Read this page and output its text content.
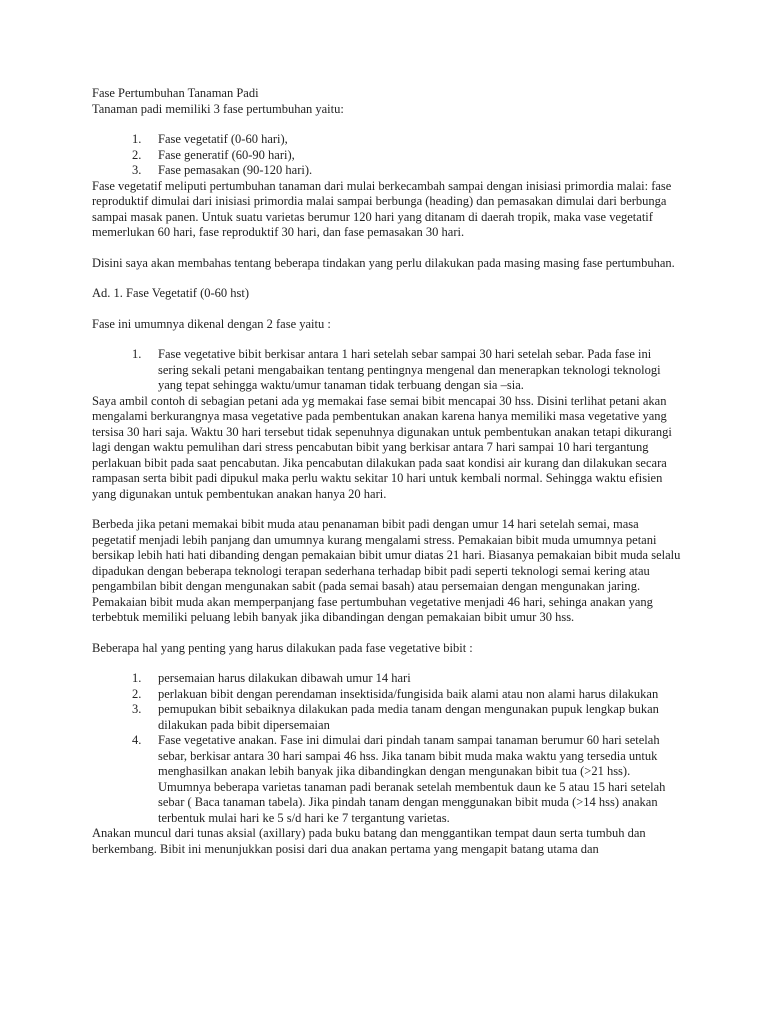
Fase Pertumbuhan Tanaman Padi

Tanaman padi memiliki 3 fase pertumbuhan yaitu:

1. Fase vegetatif (0-60 hari),
2. Fase generatif (60-90 hari),
3. Fase pemasakan (90-120 hari).

Fase vegetatif meliputi pertumbuhan tanaman dari mulai berkecambah sampai dengan inisiasi primordia malai: fase reproduktif dimulai dari inisiasi primordia malai sampai berbunga (heading) dan pemasakan dimulai dari berbunga sampai masak panen. Untuk suatu varietas berumur 120 hari yang ditanam di daerah tropik, maka vase vegetatif memerlukan 60 hari, fase reproduktif 30 hari, dan fase pemasakan 30 hari.

Disini saya akan membahas tentang beberapa tindakan yang perlu dilakukan pada masing masing fase pertumbuhan.

Ad. 1. Fase Vegetatif (0-60 hst)

Fase ini umumnya dikenal dengan 2 fase yaitu :

1. Fase vegetative bibit berkisar antara 1 hari setelah sebar sampai 30 hari setelah sebar. Pada fase ini sering sekali petani mengabaikan tentang pentingnya mengenal dan menerapkan teknologi teknologi yang tepat sehingga waktu/umur tanaman tidak terbuang dengan sia –sia.

Saya ambil contoh di sebagian petani ada yg memakai fase semai bibit mencapai 30 hss. Disini terlihat petani akan mengalami berkurangnya masa vegetative pada pembentukan anakan karena hanya memiliki masa vegetative yang tersisa 30 hari saja. Waktu 30 hari tersebut tidak sepenuhnya digunakan untuk pembentukan anakan tetapi dikurangi lagi dengan waktu pemulihan dari stress pencabutan bibit yang berkisar antara 7 hari sampai 10 hari tergantung perlakuan bibit pada saat pencabutan. Jika pencabutan dilakukan pada saat kondisi air kurang dan dilakukan secara rampasan serta bibit padi dipukul maka perlu waktu sekitar 10 hari untuk kembali normal. Sehingga waktu efisien yang digunakan untuk pembentukan anakan hanya 20 hari.

Berbeda jika petani memakai bibit muda atau penanaman bibit padi dengan umur 14 hari setelah semai, masa pegetatif menjadi lebih panjang dan umumnya kurang mengalami stress. Pemakaian bibit muda umumnya petani bersikap lebih hati hati dibanding dengan pemakaian bibit umur diatas 21 hari. Biasanya pemakaian bibit muda selalu dipadukan dengan beberapa teknologi terapan sederhana terhadap bibit padi seperti teknologi semai kering atau pengambilan bibit dengan mengunakan sabit (pada semai basah) atau persemaian dengan mengunakan jaring. Pemakaian bibit muda akan memperpanjang fase pertumbuhan vegetative menjadi 46 hari, sehinga anakan yang terbebtuk memiliki peluang lebih banyak jika dibandingan dengan pemakaian bibit umur 30 hss.

Beberapa hal yang penting yang harus dilakukan pada fase vegetative bibit :

1. persemaian harus dilakukan dibawah umur 14 hari
2. perlakuan bibit dengan perendaman insektisida/fungisida baik alami atau non alami harus dilakukan
3. pemupukan bibit sebaiknya dilakukan pada media tanam dengan mengunakan pupuk lengkap bukan dilakukan pada bibit dipersemaian
4. Fase vegetative anakan. Fase ini dimulai dari pindah tanam sampai tanaman berumur 60 hari setelah sebar, berkisar antara 30 hari sampai 46 hss. Jika tanam bibit muda maka waktu yang tersedia untuk menghasilkan anakan lebih banyak jika dibandingkan dengan mengunakan bibit tua (>21 hss). Umumnya beberapa varietas tanaman padi beranak setelah membentuk daun ke 5 atau 15 hari setelah sebar ( Baca tanaman tabela). Jika pindah tanam dengan menggunakan bibit muda (>14 hss) anakan terbentuk mulai hari ke 5 s/d hari ke 7 tergantung varietas.

Anakan muncul dari tunas aksial (axillary) pada buku batang dan menggantikan tempat daun serta tumbuh dan berkembang. Bibit ini menunjukkan posisi dari dua anakan pertama yang mengapit batang utama dan
